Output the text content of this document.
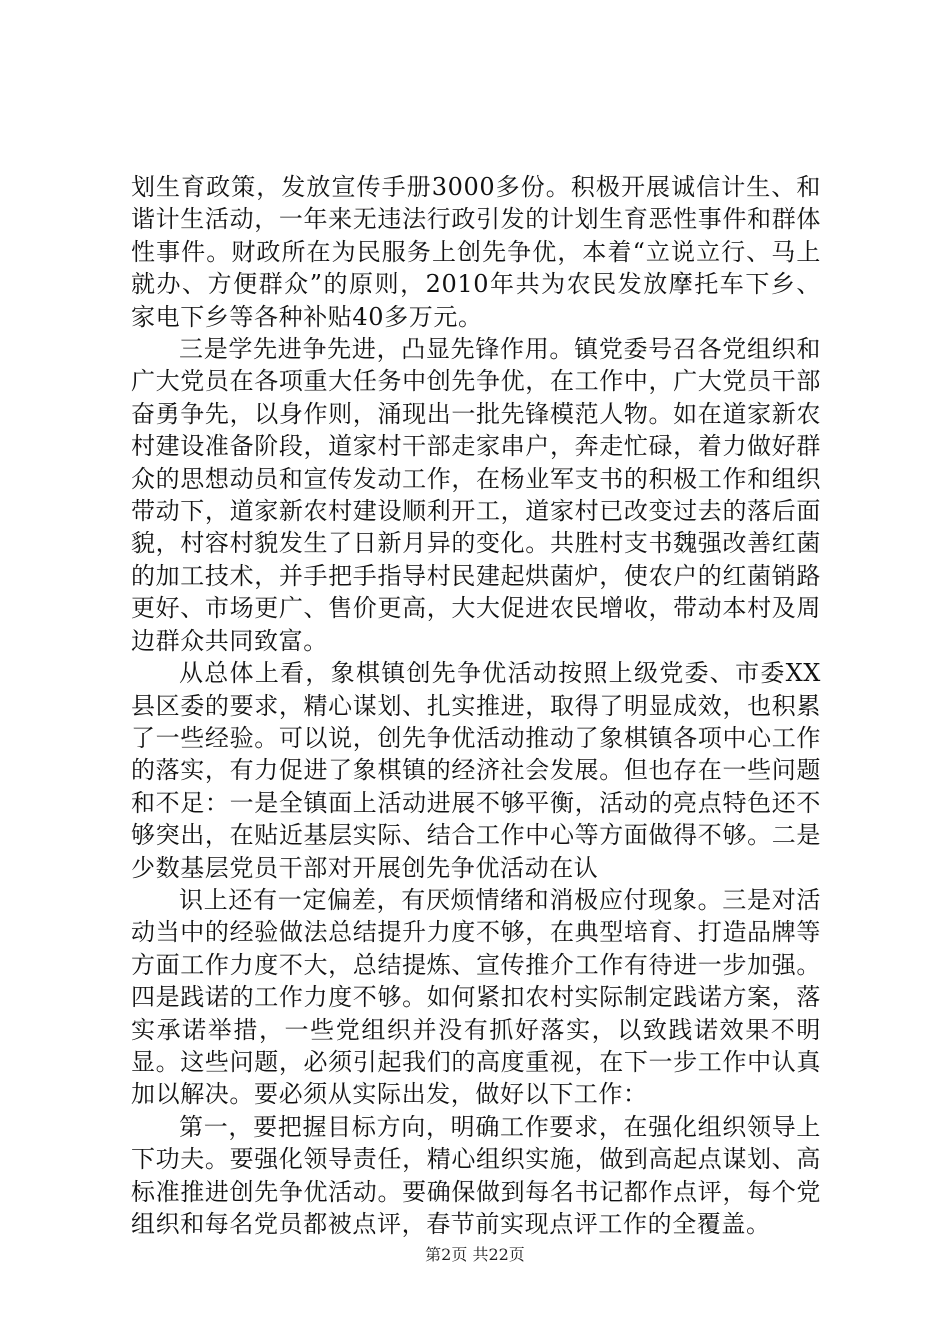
划生育政策，发放宣传手册3000多份。积极开展诚信计生、和谐计生活动，一年来无违法行政引发的计划生育恶性事件和群体性事件。财政所在为民服务上创先争优，本着“立说立行、马上就办、方便群众”的原则，2010年共为农民发放摩托车下乡、家电下乡等各种补贴40多万元。

三是学先进争先进，凸显先锋作用。镇党委号召各党组织和广大党员在各项重大任务中创先争优，在工作中，广大党员干部奋勇争先，以身作则，涌现出一批先锋模范人物。如在道家新农村建设准备阶段，道家村干部走家串户，奔走忙碌，着力做好群众的思想动员和宣传发动工作，在杨业军支书的积极工作和组织带动下，道家新农村建设顺利开工，道家村已改变过去的落后面貌，村容村貌发生了日新月异的变化。共胜村支书魏强改善红菌的加工技术，并手把手指导村民建起烘菌炉，使农户的红菌销路更好、市场更广、售价更高，大大促进农民增收，带动本村及周边群众共同致富。

从总体上看，象棋镇创先争优活动按照上级党委、市委XX县区委的要求，精心谋划、扎实推进，取得了明显成效，也积累了一些经验。可以说，创先争优活动推动了象棋镇各项中心工作的落实，有力促进了象棋镇的经济社会发展。但也存在一些问题和不足：一是全镇面上活动进展不够平衡，活动的亮点特色还不够突出，在贴近基层实际、结合工作中心等方面做得不够。二是少数基层党员干部对开展创先争优活动在认

识上还有一定偏差，有厌烦情绪和消极应付现象。三是对活动当中的经验做法总结提升力度不够，在典型培育、打造品牌等方面工作力度不大，总结提炼、宣传推介工作有待进一步加强。四是践诺的工作力度不够。如何紧扣农村实际制定践诺方案，落实承诺举措，一些党组织并没有抓好落实，以致践诺效果不明显。这些问题，必须引起我们的高度重视，在下一步工作中认真加以解决。要必须从实际出发，做好以下工作：

第一，要把握目标方向，明确工作要求，在强化组织领导上下功夫。要强化领导责任，精心组织实施，做到高起点谋划、高标准推进创先争优活动。要确保做到每名书记都作点评，每个党组织和每名党员都被点评，春节前实现点评工作的全覆盖。

第2页 共22页
